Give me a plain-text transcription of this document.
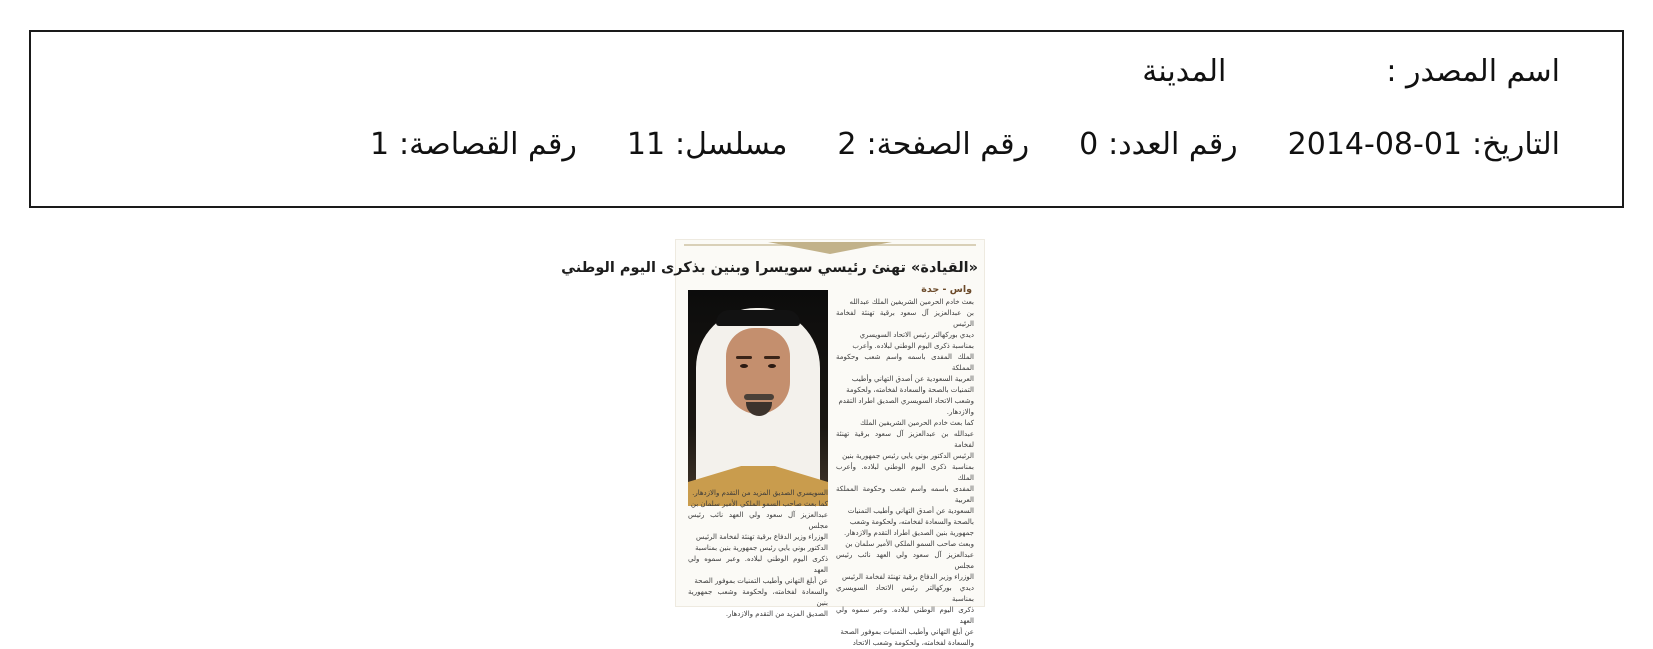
اسم المصدر :
المدينة
التاريخ:
2014-08-01
رقم العدد:
0
رقم الصفحة:
2
مسلسل:
11
رقم القصاصة:
1
«القيادة» تهنئ رئيسي سويسرا وبنين بذكرى اليوم الوطني
واس - جدة
بعث خادم الحرمين الشريفين الملك عبدالله
بن عبدالعزيز آل سعود برقية تهنئة لفخامة الرئيس
ديدي بوركهالتر رئيس الاتحاد السويسري
بمناسبة ذكرى اليوم الوطني لبلاده. وأعرب
الملك المفدى باسمه واسم شعب وحكومة المملكة
العربية السعودية عن أصدق التهاني وأطيب
التمنيات بالصحة والسعادة لفخامته، ولحكومة
وشعب الاتحاد السويسري الصديق اطراد التقدم
والازدهار.
كما بعث خادم الحرمين الشريفين الملك
عبدالله بن عبدالعزيز آل سعود برقية تهنئة لفخامة
الرئيس الدكتور بوني يايي رئيس جمهورية بنين
بمناسبة ذكرى اليوم الوطني لبلاده. وأعرب الملك
المفدى باسمه واسم شعب وحكومة المملكة العربية
السعودية عن أصدق التهاني وأطيب التمنيات
بالصحة والسعادة لفخامته، ولحكومة وشعب
جمهورية بنين الصديق اطراد التقدم والازدهار.
وبعث صاحب السمو الملكي الأمير سلمان بن
عبدالعزيز آل سعود ولي العهد نائب رئيس مجلس
الوزراء وزير الدفاع برقية تهنئة لفخامة الرئيس
ديدي بوركهالتر رئيس الاتحاد السويسري بمناسبة
ذكرى اليوم الوطني لبلاده. وعبر سموه ولي العهد
عن أبلغ التهاني وأطيب التمنيات بموفور الصحة
والسعادة لفخامته، ولحكومة وشعب الاتحاد
السويسري الصديق المزيد من التقدم والازدهار.
كما بعث صاحب السمو الملكي الأمير سلمان بن
عبدالعزيز آل سعود ولي العهد نائب رئيس مجلس
الوزراء وزير الدفاع برقية تهنئة لفخامة الرئيس
الدكتور بوني يايي رئيس جمهورية بنين بمناسبة
ذكرى اليوم الوطني لبلاده. وعبر سموه ولي العهد
عن أبلغ التهاني وأطيب التمنيات بموفور الصحة
والسعادة لفخامته، ولحكومة وشعب جمهورية بنين
الصديق المزيد من التقدم والازدهار.
